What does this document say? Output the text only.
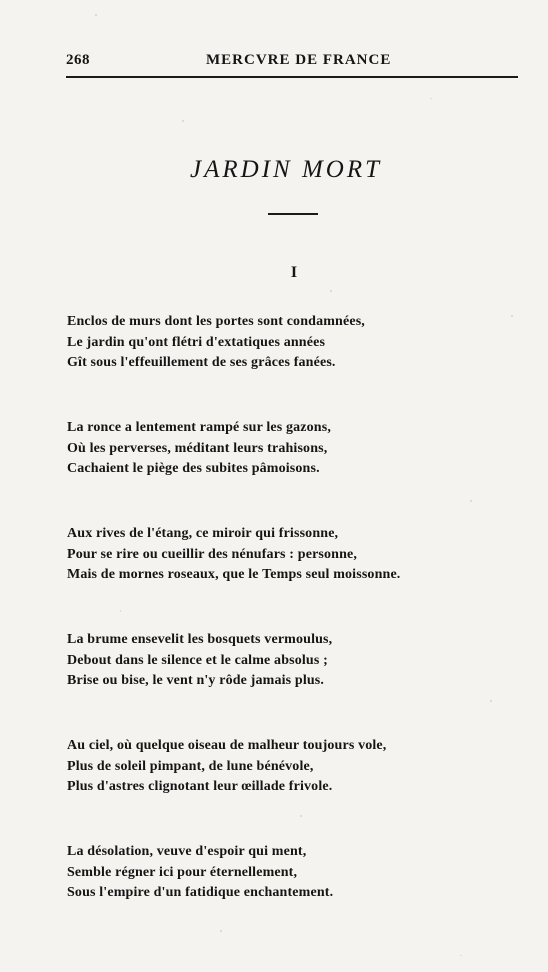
268	MERCVRE DE FRANCE
JARDIN MORT
I
Enclos de murs dont les portes sont condamnées,
Le jardin qu'ont flétri d'extatiques années
Gît sous l'effeuillement de ses grâces fanées.
La ronce a lentement rampé sur les gazons,
Où les perverses, méditant leurs trahisons,
Cachaient le piège des subites pâmoisons.
Aux rives de l'étang, ce miroir qui frissonne,
Pour se rire ou cueillir des nénufars : personne,
Mais de mornes roseaux, que le Temps seul moissonne.
La brume ensevelit les bosquets vermoulus,
Debout dans le silence et le calme absolus ;
Brise ou bise, le vent n'y rôde jamais plus.
Au ciel, où quelque oiseau de malheur toujours vole,
Plus de soleil pimpant, de lune bénévole,
Plus d'astres clignotant leur œillade frivole.
La désolation, veuve d'espoir qui ment,
Semble régner ici pour éternellement,
Sous l'empire d'un fatidique enchantement.
